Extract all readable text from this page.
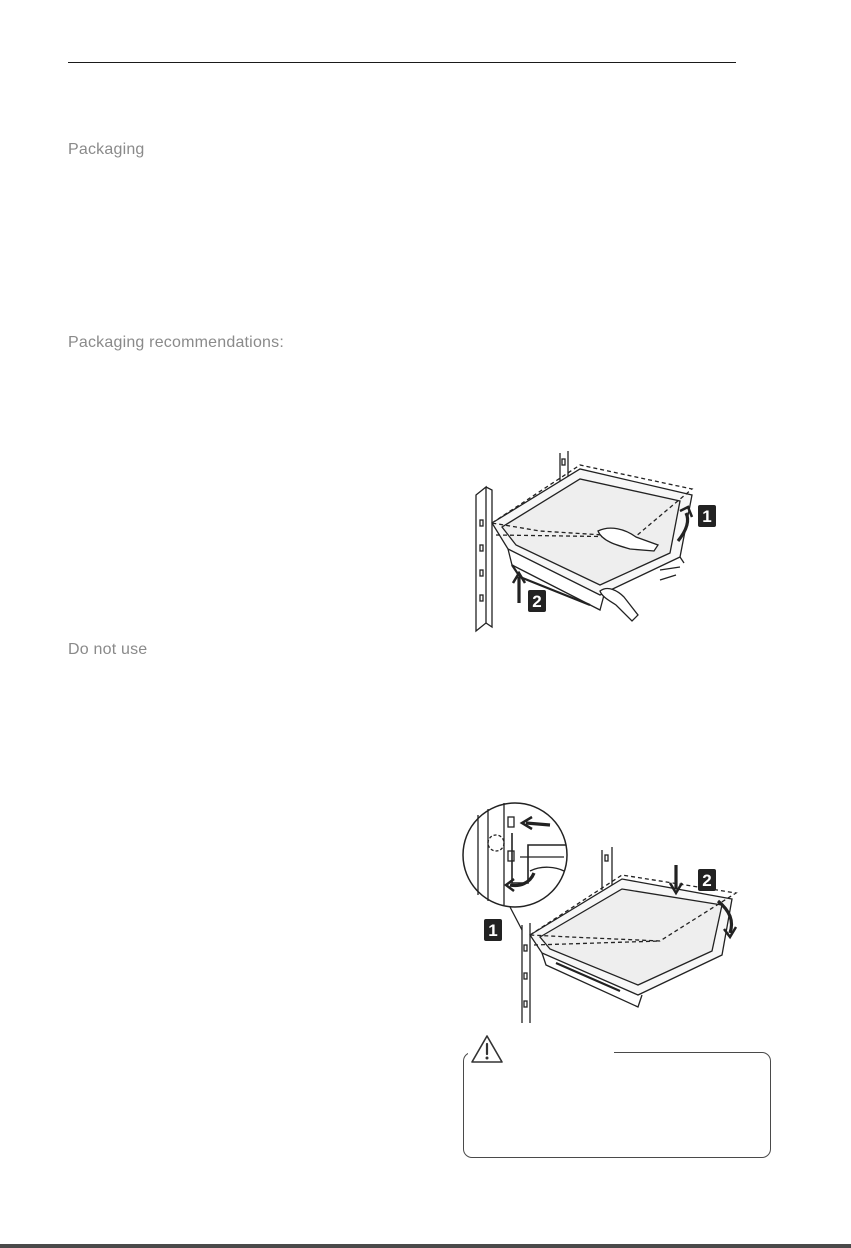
Packaging
Packaging recommendations:
Do not use
1
2
2
1
